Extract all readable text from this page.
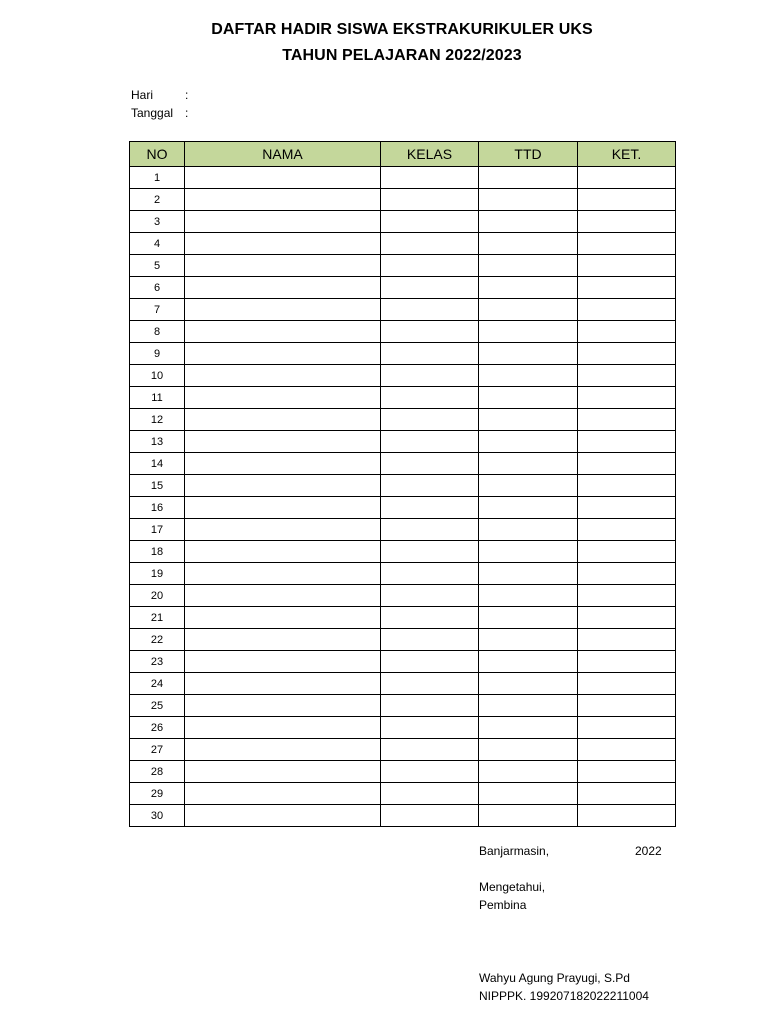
DAFTAR HADIR SISWA EKSTRAKURIKULER UKS
TAHUN PELAJARAN 2022/2023
Hari	:
Tanggal :
NO	NAMA	KELAS	TTD	KET.
1				
2				
3				
4				
5				
6				
7				
8				
9				
10				
11				
12				
13				
14				
15				
16				
17				
18				
19				
20				
21				
22				
23				
24				
25				
26				
27				
28				
29				
30				
Banjarmasin,	2022
Mengetahui,
Pembina
Wahyu Agung Prayugi, S.Pd
NIPPPK. 199207182022211004
